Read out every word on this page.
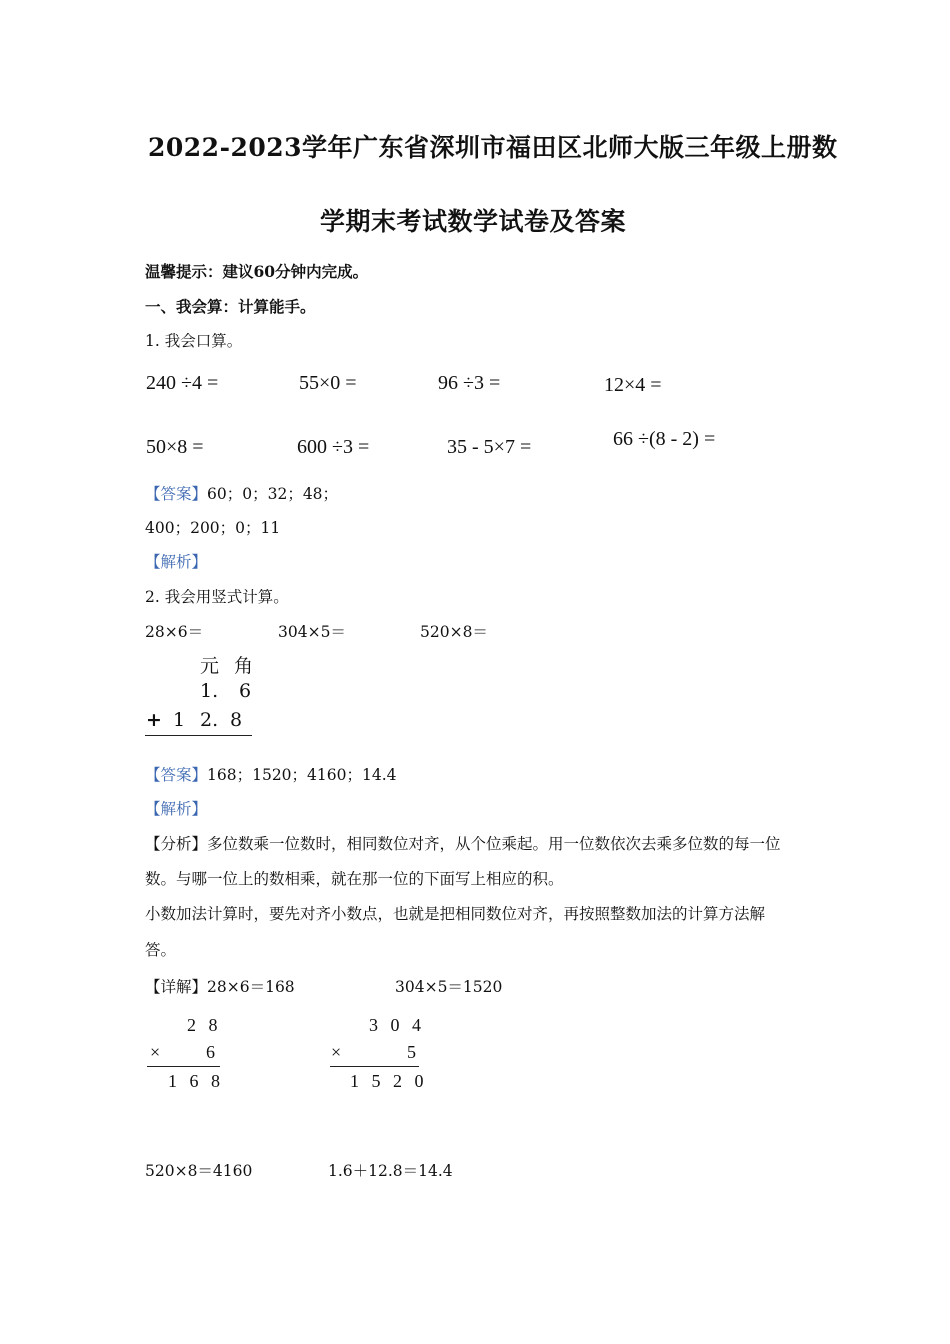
2022-2023学年广东省深圳市福田区北师大版三年级上册数
学期末考试数学试卷及答案
温馨提示：建议60分钟内完成。
一、我会算：计算能手。
1. 我会口算。
240 ÷4 =	55×0 =	96 ÷3 =	12×4 =
50×8 =	600 ÷3 =	35 - 5×7 =	66 ÷(8 - 2) =
【答案】60；0；32；48；
400；200；0；11
【解析】
2. 我会用竖式计算。
28×6＝	304×5＝	520×8＝
元 角
1. 6
+ 1 2. 8
【答案】168；1520；4160；14.4
【解析】
【分析】多位数乘一位数时，相同数位对齐，从个位乘起。用一位数依次去乘多位数的每一位
数。与哪一位上的数相乘，就在那一位的下面写上相应的积。
小数加法计算时，要先对齐小数点，也就是把相同数位对齐，再按照整数加法的计算方法解
答。
【详解】28×6＝168	304×5＝1520
2 8
×	6
1 6 8
3 0 4
×	5
1 5 2 0
520×8＝4160	1.6＋12.8＝14.4
